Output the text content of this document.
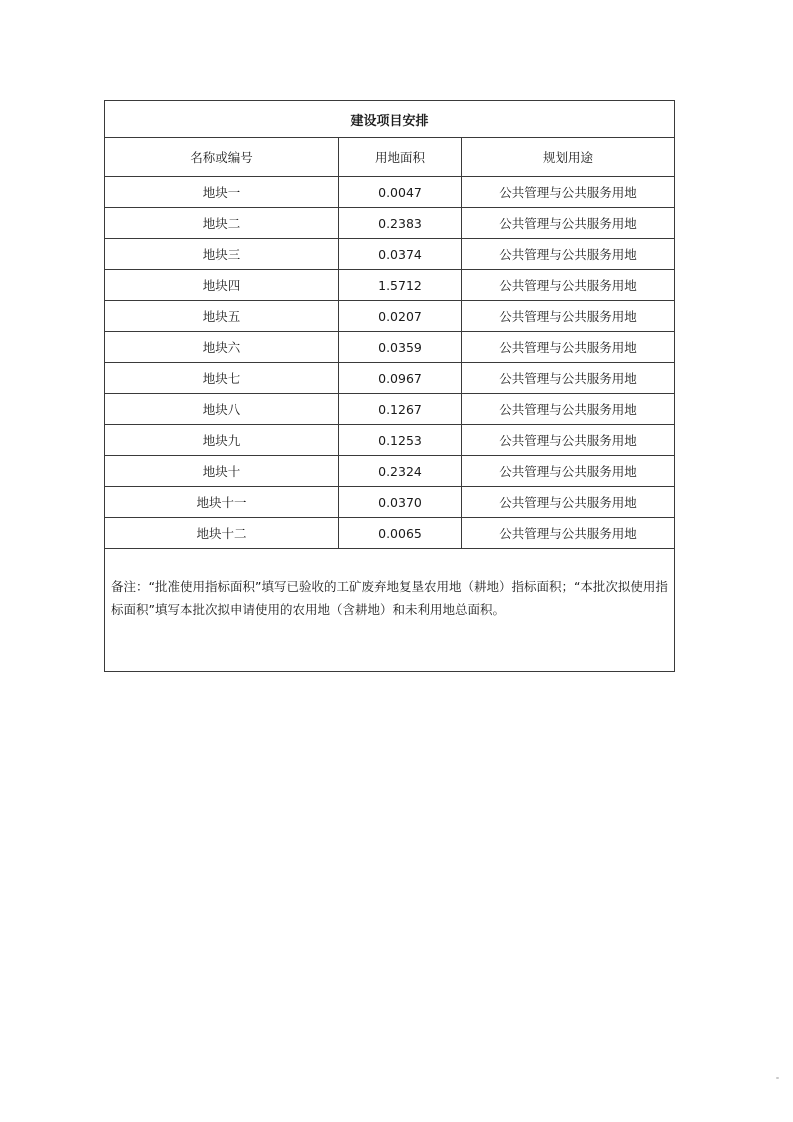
建设项目安排		
名称或编号	用地面积	规划用途
地块一	0.0047	公共管理与公共服务用地
地块二	0.2383	公共管理与公共服务用地
地块三	0.0374	公共管理与公共服务用地
地块四	1.5712	公共管理与公共服务用地
地块五	0.0207	公共管理与公共服务用地
地块六	0.0359	公共管理与公共服务用地
地块七	0.0967	公共管理与公共服务用地
地块八	0.1267	公共管理与公共服务用地
地块九	0.1253	公共管理与公共服务用地
地块十	0.2324	公共管理与公共服务用地
地块十一	0.0370	公共管理与公共服务用地
地块十二	0.0065	公共管理与公共服务用地
备注：“批准使用指标面积”填写已验收的工矿废弃地复垦农用地（耕地）指标面积；“本批次拟使用指标面积”填写本批次拟申请使用的农用地（含耕地）和未利用地总面积。		
